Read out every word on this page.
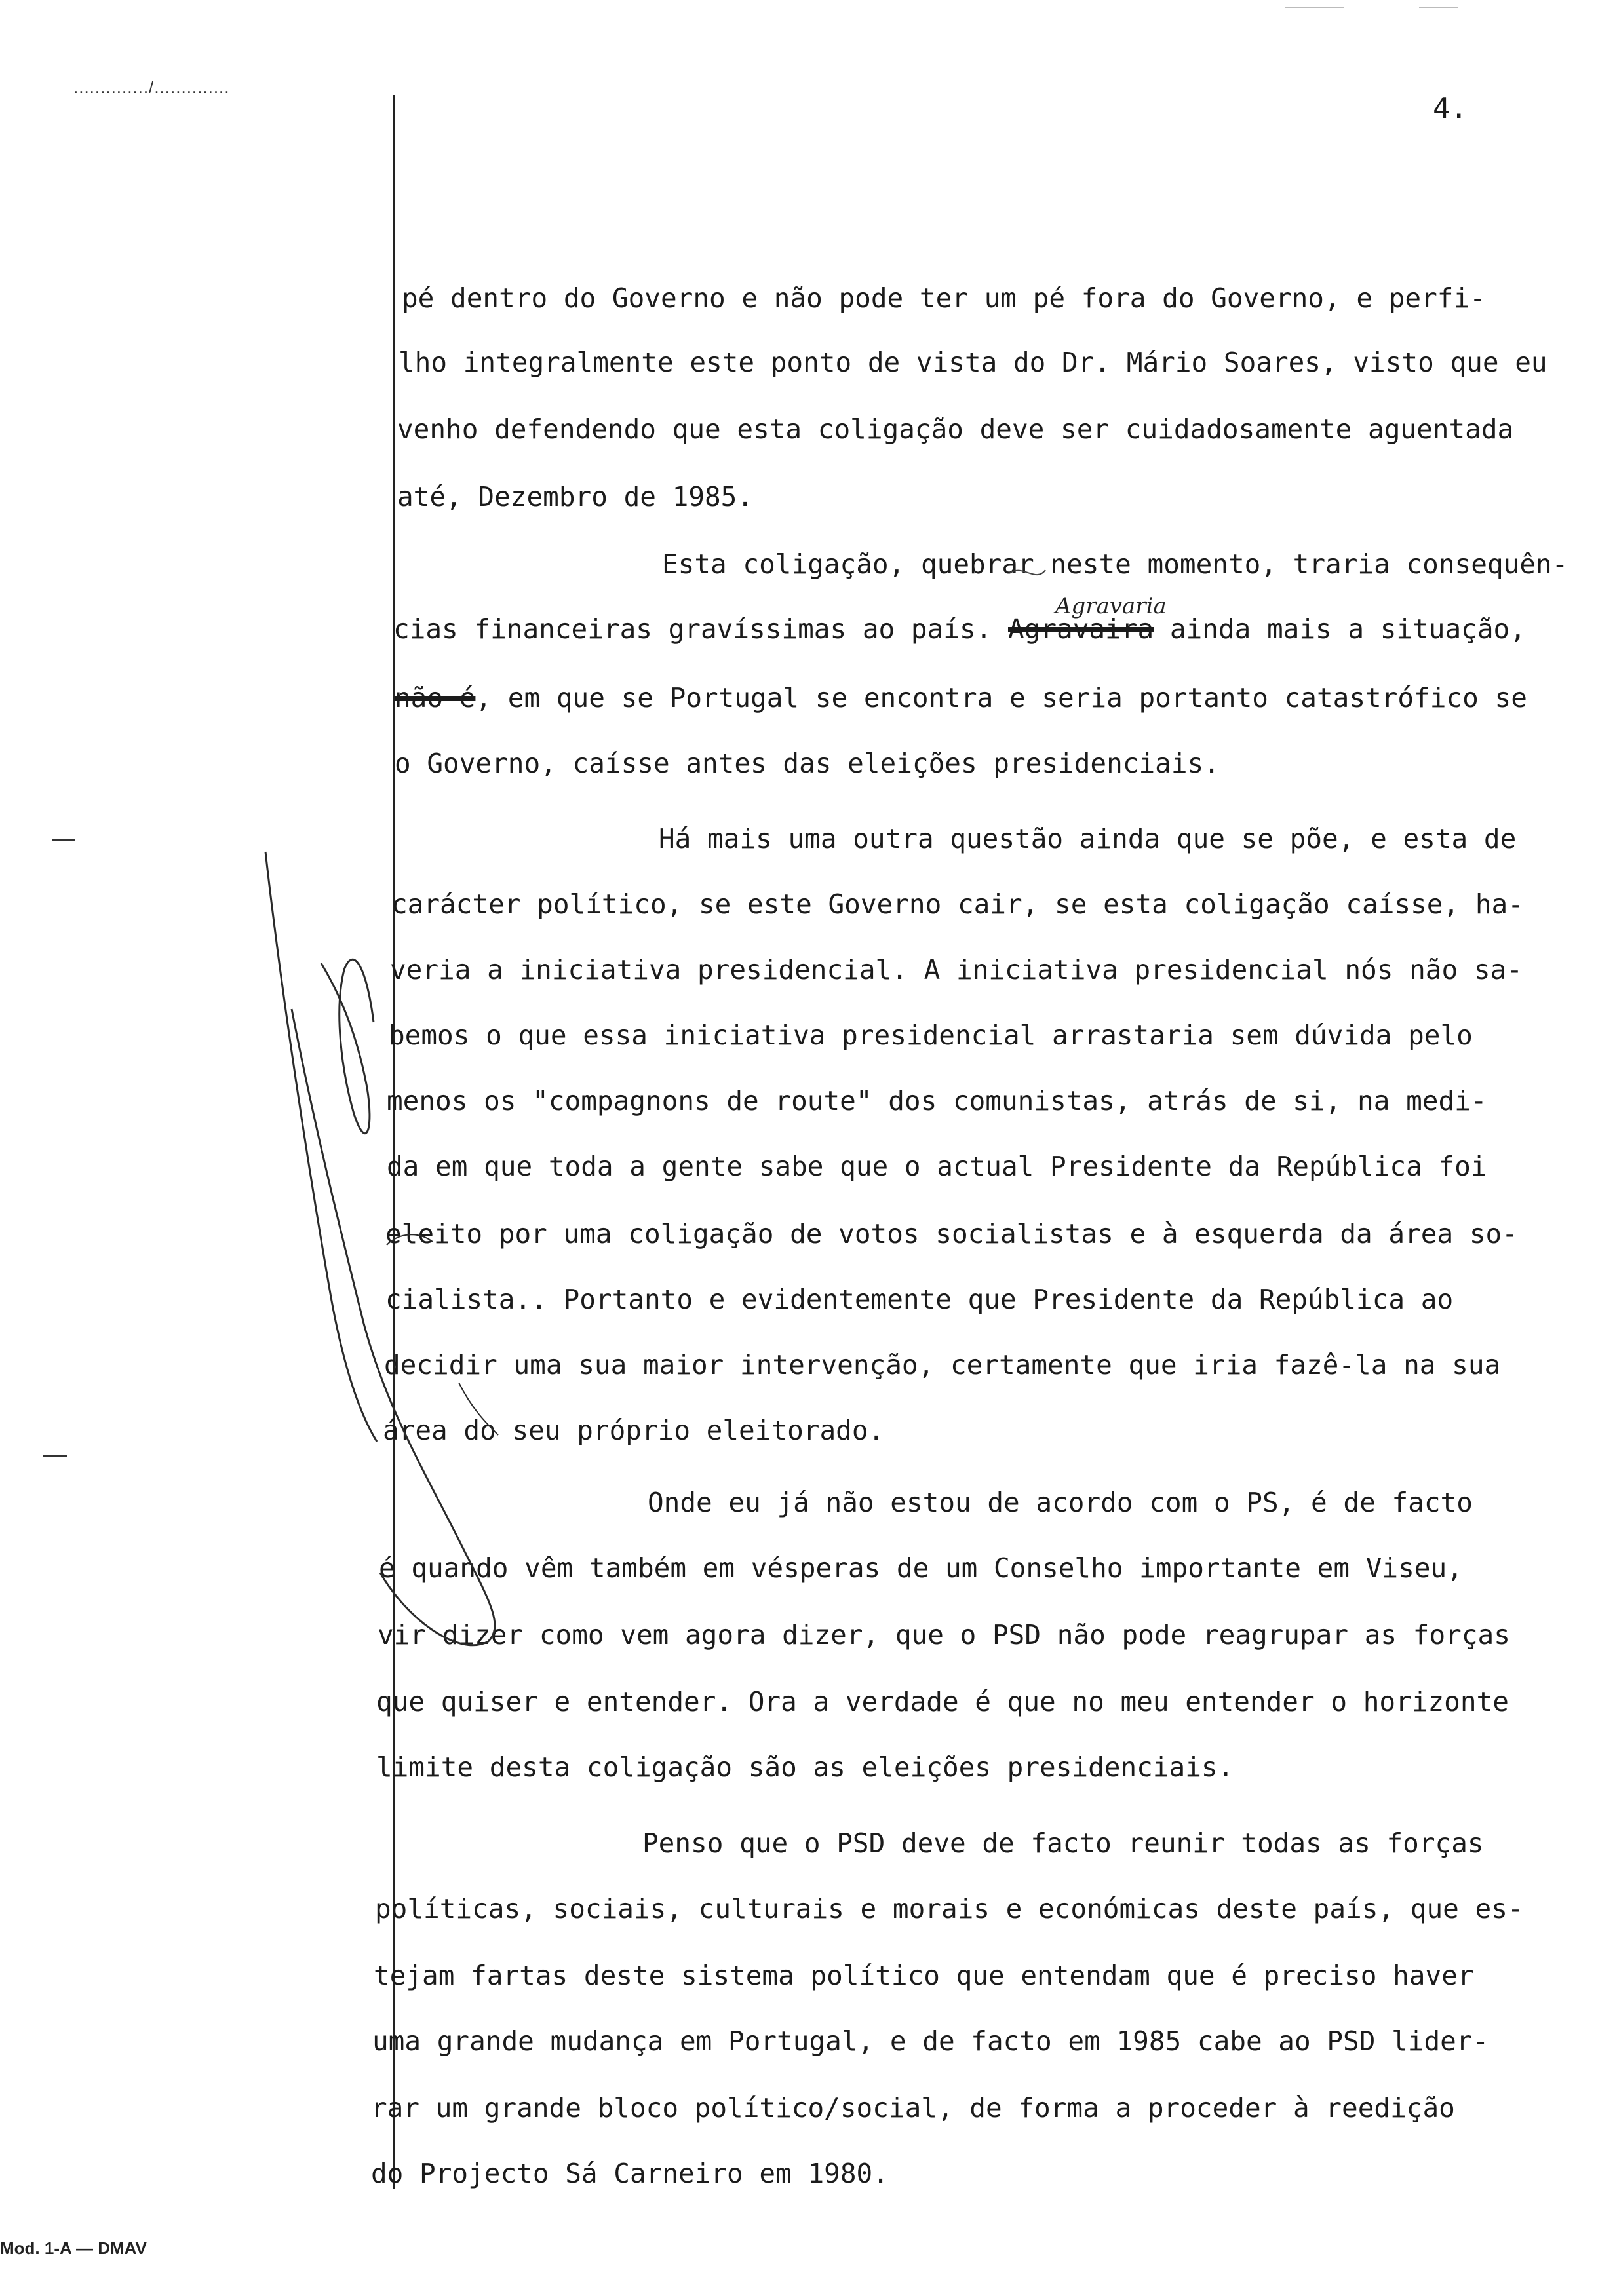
............../..............
4.
pé dentro do Governo e não pode ter um pé fora do Governo, e perfi-
lho integralmente este ponto de vista do Dr. Mário Soares, visto que eu
venho defendendo que esta coligação deve ser cuidadosamente aguentada
até, Dezembro de 1985.
Esta coligação, quebrar neste momento, traria consequên-
cias financeiras gravíssimas ao país. Agravaira ainda mais a situação,
não é, em que se Portugal se encontra e seria portanto catastrófico se
o Governo, caísse antes das eleições presidenciais.
Há mais uma outra questão ainda que se põe, e esta de
carácter político, se este Governo cair, se esta coligação caísse, ha-
veria a iniciativa presidencial. A iniciativa presidencial nós não sa-
bemos o que essa iniciativa presidencial arrastaria sem dúvida pelo
menos os "compagnons de route" dos comunistas, atrás de si, na medi-
da em que toda a gente sabe que o actual Presidente da República foi
eleito por uma coligação de votos socialistas e à esquerda da área so-
cialista.. Portanto e evidentemente que Presidente da República ao
decidir uma sua maior intervenção, certamente que iria fazê-la na sua
área do seu próprio eleitorado.
Onde eu já não estou de acordo com o PS, é de facto
é quando vêm também em vésperas de um Conselho importante em Viseu,
vir dizer como vem agora dizer, que o PSD não pode reagrupar as forças
que quiser e entender. Ora a verdade é que no meu entender o horizonte
limite desta coligação são as eleições presidenciais.
Penso que o PSD deve de facto reunir todas as forças
políticas, sociais, culturais e morais e económicas deste país, que es-
tejam fartas deste sistema político que entendam que é preciso haver
uma grande mudança em Portugal, e de facto em 1985 cabe ao PSD lider-
rar um grande bloco político/social, de forma a proceder à reedição
do Projecto Sá Carneiro em 1980.
Agravaria
Mod. 1-A — DMAV
